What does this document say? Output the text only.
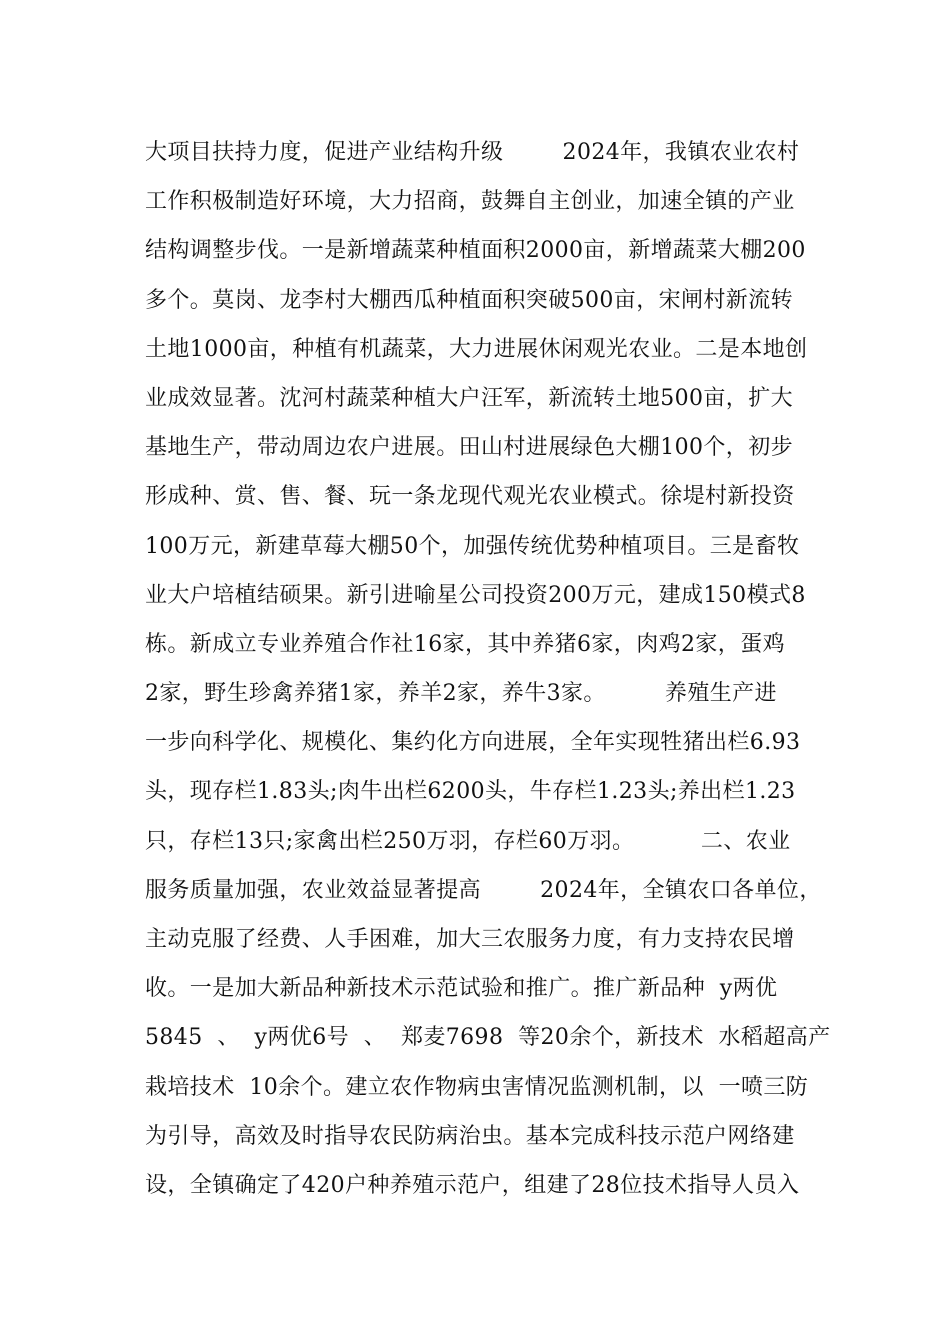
大项目扶持力度，促进产业结构升级        2024年，我镇农业农村
工作积极制造好环境，大力招商，鼓舞自主创业，加速全镇的产业
结构调整步伐。一是新增蔬菜种植面积2000亩，新增蔬菜大棚200
多个。莫岗、龙李村大棚西瓜种植面积突破500亩，宋闸村新流转
土地1000亩，种植有机蔬菜，大力进展休闲观光农业。二是本地创
业成效显著。沈河村蔬菜种植大户汪军，新流转土地500亩，扩大
基地生产，带动周边农户进展。田山村进展绿色大棚100个，初步
形成种、赏、售、餐、玩一条龙现代观光农业模式。徐堤村新投资
100万元，新建草莓大棚50个，加强传统优势种植项目。三是畜牧
业大户培植结硕果。新引进喻星公司投资200万元，建成150模式8
栋。新成立专业养殖合作社16家，其中养猪6家，肉鸡2家，蛋鸡
2家，野生珍禽养猪1家，养羊2家，养牛3家。        养殖生产进
一步向科学化、规模化、集约化方向进展，全年实现牲猪出栏6.93
头，现存栏1.83头;肉牛出栏6200头，牛存栏1.23头;养出栏1.23
只，存栏13只;家禽出栏250万羽，存栏60万羽。         二、农业
服务质量加强，农业效益显著提高        2024年，全镇农口各单位，
主动克服了经费、人手困难，加大三农服务力度，有力支持农民增
收。一是加大新品种新技术示范试验和推广。推广新品种  y两优
5845  、  y两优6号  、  郑麦7698  等20余个，新技术  水稻超高产
栽培技术  10余个。建立农作物病虫害情况监测机制，以  一喷三防
为引导，高效及时指导农民防病治虫。基本完成科技示范户网络建
设，全镇确定了420户种养殖示范户，组建了28位技术指导人员入
